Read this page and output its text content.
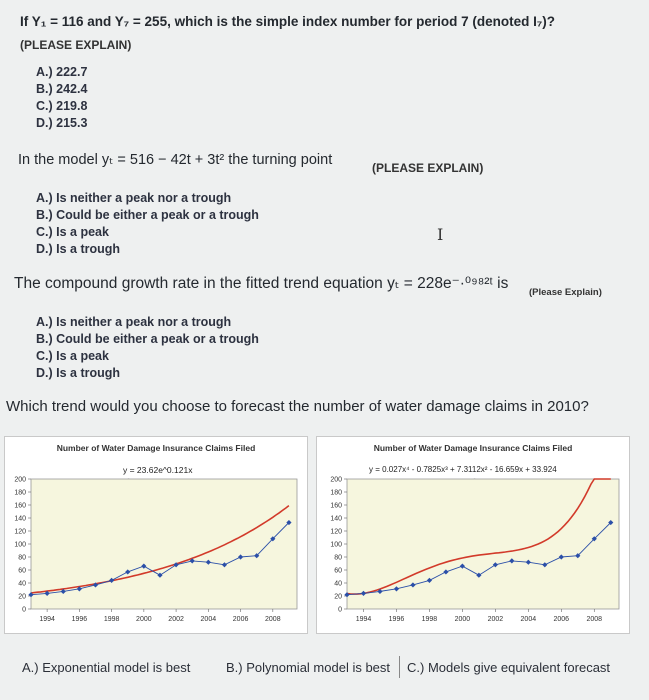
If Y₁ = 116 and Y₇ = 255, which is the simple index number for period 7 (denoted I₇)?
(PLEASE EXPLAIN)
A.) 222.7
B.) 242.4
C.) 219.8
D.) 215.3
In the model yₜ = 516 − 42t + 3t² the turning point	(PLEASE EXPLAIN)
A.) Is neither a peak nor a trough
B.) Could be either a peak or a trough
C.) Is a peak
D.) Is a trough
I
The compound growth rate in the fitted trend equation yₜ = 228e⁻·⁰⁹⁸²ᵗ is
(Please Explain)
A.) Is neither a peak nor a trough
B.) Could be either a peak or a trough
C.) Is a peak
D.) Is a trough
Which trend would you choose to forecast the number of water damage claims in 2010?
Number of Water Damage Insurance Claims Filed
y = 23.62e^0.121x
0
20
40
60
80
100
120
140
160
180
200
1994 1996 1998 2000 2002 2004 2006 2008
Number of Water Damage Insurance Claims Filed
y = 0.027x⁴ - 0.7825x³ + 7.3112x² - 16.659x + 33.924
0
20
40
60
80
100
120
140
160
180
200
1994 1996 1998 2000 2002 2004 2006 2008
A.) Exponential model is best	B.) Polynomial model is best C.) Models give equivalent forecast
